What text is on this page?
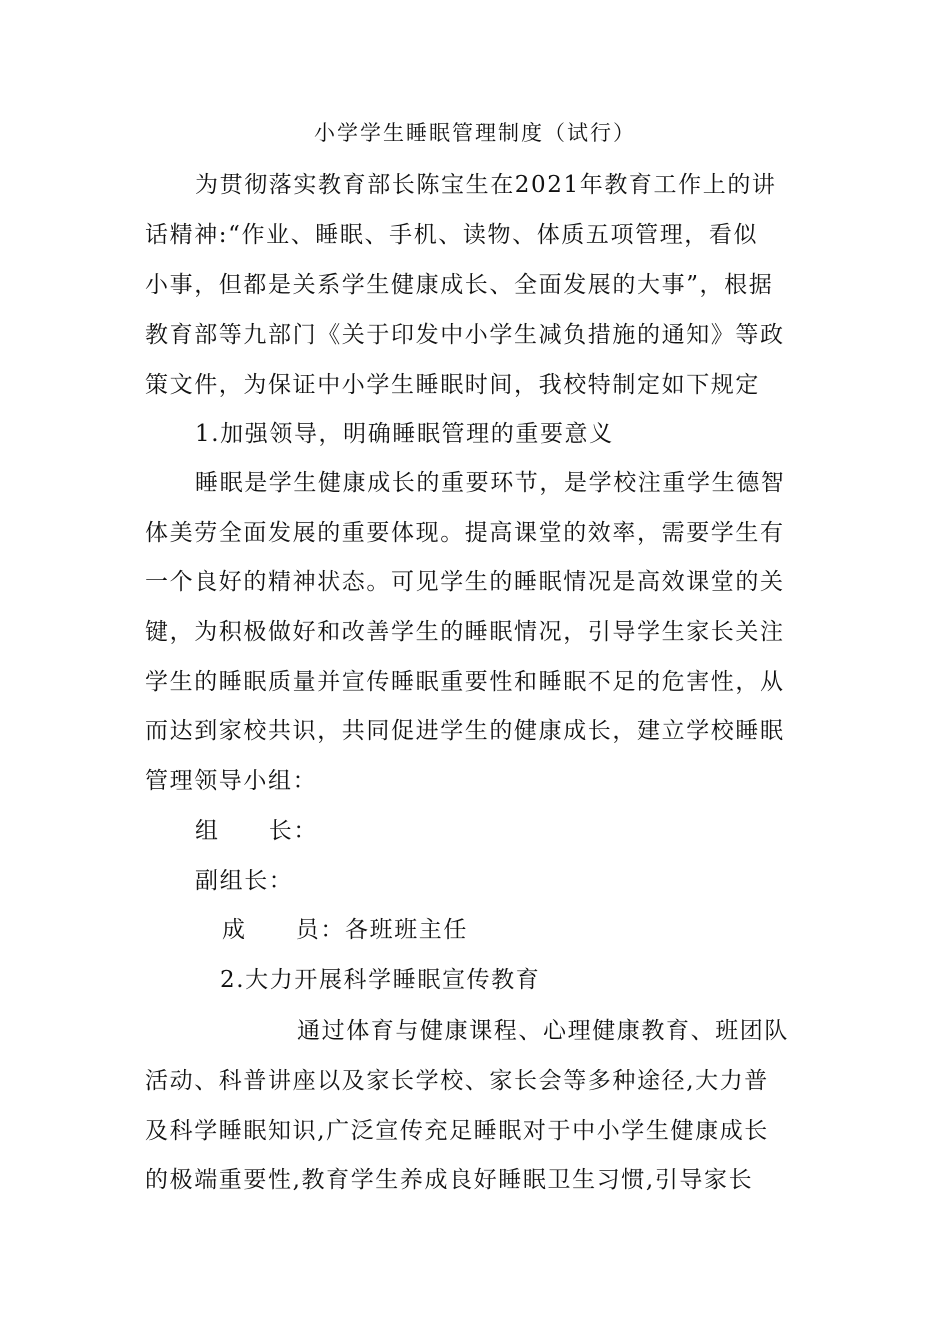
小学学生睡眠管理制度（试行）
为贯彻落实教育部长陈宝生在2021年教育工作上的讲
话精神:“作业、睡眠、手机、读物、体质五项管理，看似
小事，但都是关系学生健康成长、全面发展的大事”，根据
教育部等九部门《关于印发中小学生减负措施的通知》等政
策文件，为保证中小学生睡眠时间，我校特制定如下规定
1.加强领导，明确睡眠管理的重要意义
睡眠是学生健康成长的重要环节，是学校注重学生德智
体美劳全面发展的重要体现。提高课堂的效率，需要学生有
一个良好的精神状态。可见学生的睡眠情况是高效课堂的关
键，为积极做好和改善学生的睡眠情况，引导学生家长关注
学生的睡眠质量并宣传睡眠重要性和睡眠不足的危害性，从
而达到家校共识，共同促进学生的健康成长，建立学校睡眠
管理领导小组：
组　　长：
副组长：
成　　员：各班班主任
2.大力开展科学睡眠宣传教育
通过体育与健康课程、心理健康教育、班团队
活动、科普讲座以及家长学校、家长会等多种途径,大力普
及科学睡眠知识,广泛宣传充足睡眠对于中小学生健康成长
的极端重要性,教育学生养成良好睡眠卫生习惯,引导家长
